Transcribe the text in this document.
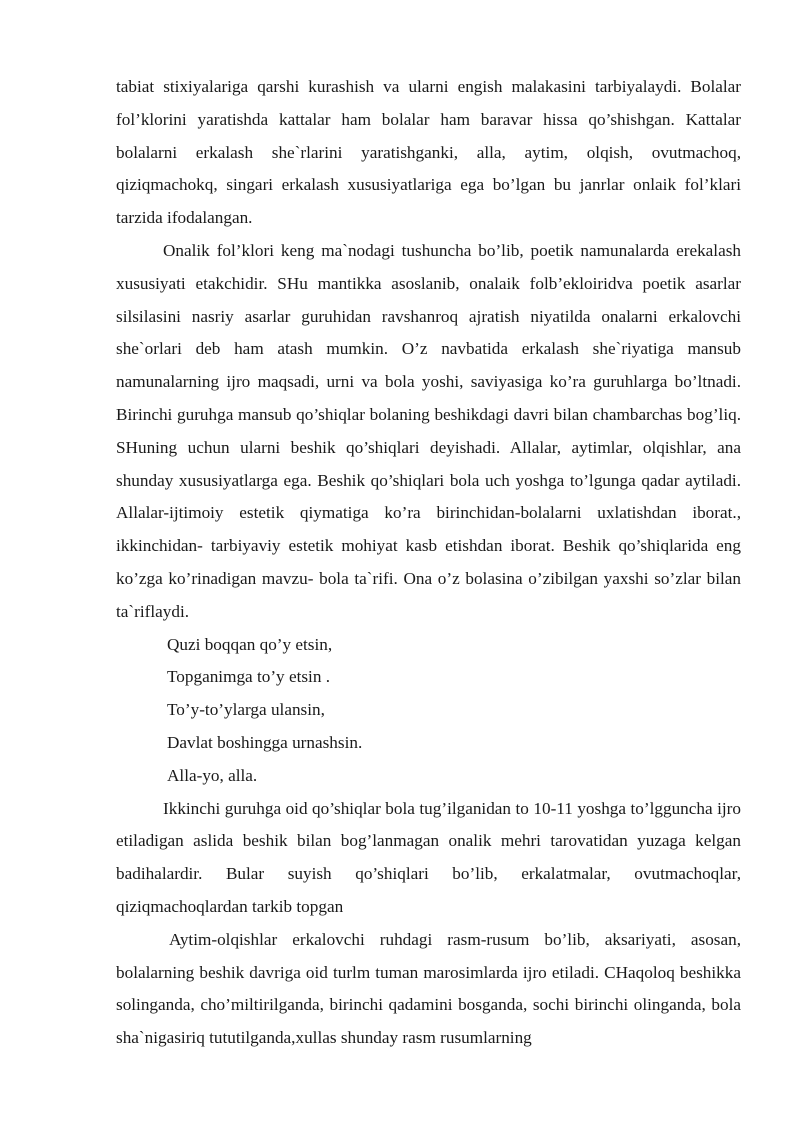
tabiat stixiyalariga qarshi kurashish va ularni engish malakasini tarbiyalaydi. Bolalar fol’klorini yaratishda kattalar ham bolalar ham baravar hissa qo’shishgan. Kattalar bolalarni erkalash she`rlarini yaratishganki, alla, aytim, olqish, ovutmachoq, qiziqmachokq, singari erkalash xususiyatlariga ega bo’lgan bu janrlar onlaik fol’klari tarzida ifodalangan.

Onalik fol’klori keng ma`nodagi tushuncha bo’lib, poetik namunalarda erekalash xususiyati etakchidir. SHu mantikka asoslanib, onalaik folb’ekloiridva poetik asarlar silsilasini nasriy asarlar guruhidan ravshanroq ajratish niyatilda onalarni erkalovchi she`orlari deb ham atash mumkin. O’z navbatida erkalash she`riyatiga mansub namunalarning ijro maqsadi, urni va bola yoshi, saviyasiga ko’ra guruhlarga bo’ltnadi. Birinchi guruhga mansub qo’shiqlar bolaning beshikdagi davri bilan chambarchas bog’liq. SHuning uchun ularni beshik qo’shiqlari deyishadi. Allalar, aytimlar, olqishlar, ana shunday xususiyatlarga ega. Beshik qo’shiqlari bola uch yoshga to’lgunga qadar aytiladi. Allalar-ijtimoiy estetik qiymatiga ko’ra birinchidan-bolalarni uxlatishdan iborat., ikkinchidan- tarbiyaviy estetik mohiyat kasb etishdan iborat. Beshik qo’shiqlarida eng ko’zga ko’rinadigan mavzu- bola ta`rifi. Ona o’z bolasina o’zibilgan yaxshi so’zlar bilan ta`riflaydi.

Quzi boqqan qo’y etsin,
Topganimga to’y etsin .
To’y-to’ylarga ulansin,
Davlat boshingga urnashsin.
Alla-yo, alla.

Ikkinchi guruhga oid qo’shiqlar bola tug’ilganidan to 10-11 yoshga to’lgguncha ijro etiladigan aslida beshik bilan bog’lanmagan onalik mehri tarovatidan yuzaga kelgan badihalardir. Bular suyish qo’shiqlari bo’lib, erkalatmalar, ovutmachoqlar, qiziqmachoqlardan tarkib topgan

Aytim-olqishlar erkalovchi ruhdagi rasm-rusum bo’lib, aksariyati, asosan, bolalarning beshik davriga oid turlm tuman marosimlarda ijro etiladi. CHaqoloq beshikka solinganda, cho’miltirilganda, birinchi qadamini bosganda, sochi birinchi olinganda, bola sha`nigasiriq tututilganda,xullas shunday rasm rusumlarning
